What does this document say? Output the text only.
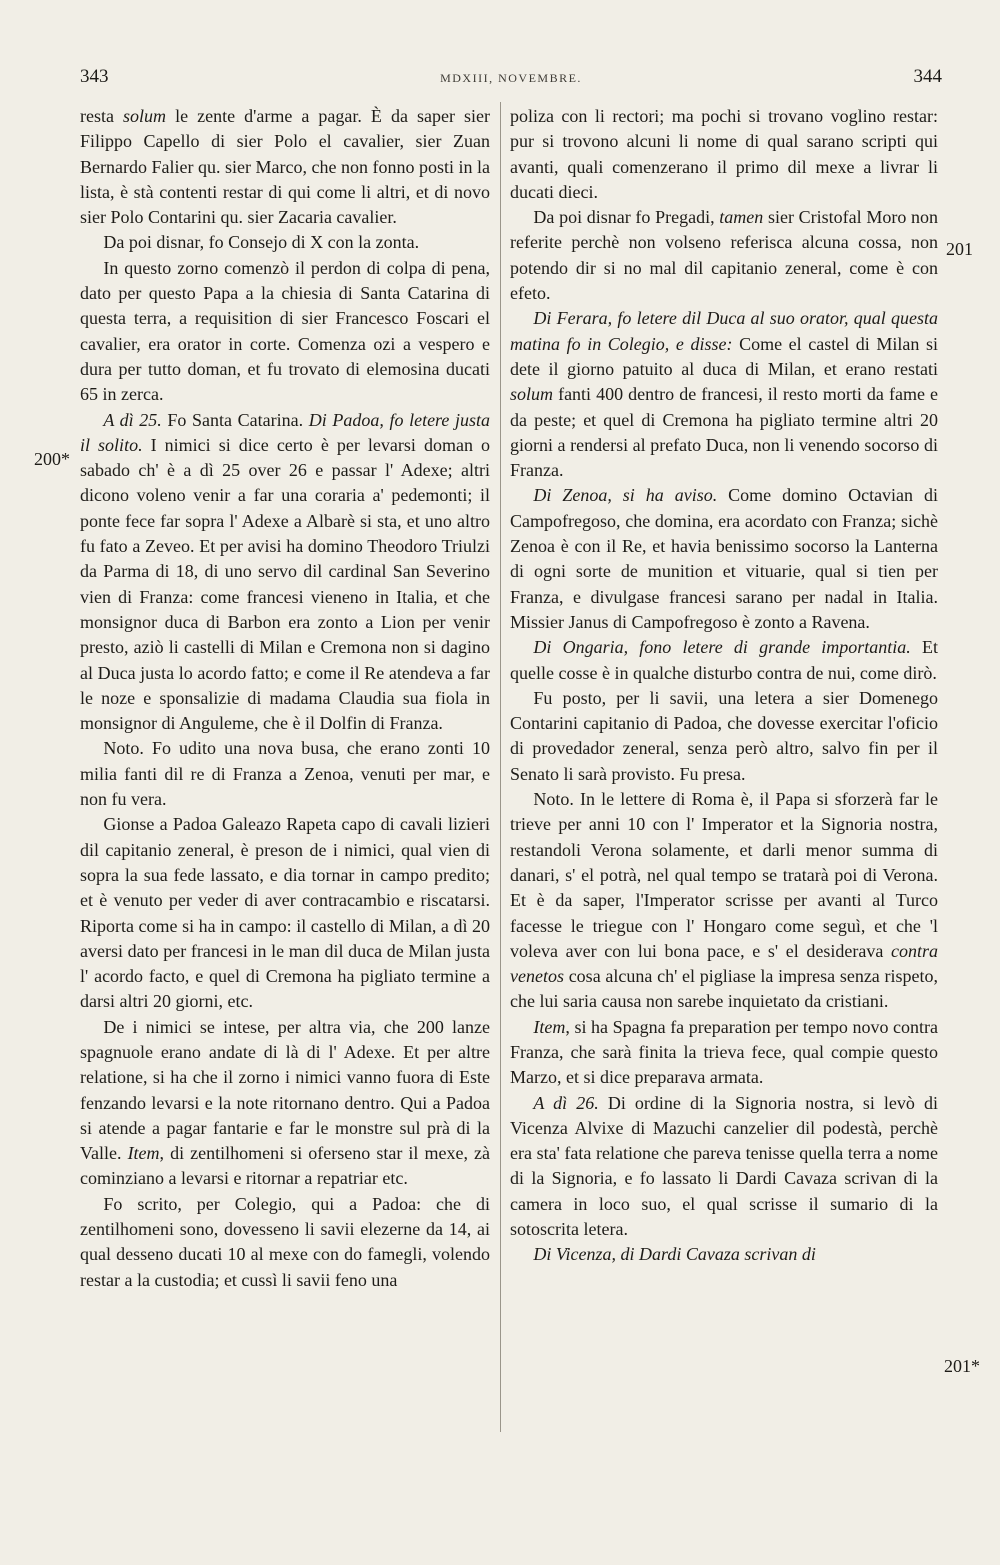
343	MDXIII, NOVEMBRE.	344
200*
201
201*

resta solum le zente d'arme a pagar. È da saper sier Filippo Capello di sier Polo el cavalier, sier Zuan Bernardo Falier qu. sier Marco, che non fonno posti in la lista, è stà contenti restar di qui come li altri, et di novo sier Polo Contarini qu. sier Zacaria cavalier.

Da poi disnar, fo Consejo di X con la zonta.

In questo zorno comenzò il perdon di colpa di pena, dato per questo Papa a la chiesia di Santa Catarina di questa terra, a requisition di sier Francesco Foscari el cavalier, era orator in corte. Comenza ozi a vespero e dura per tutto doman, et fu trovato di elemosina ducati 65 in zerca.

A dì 25. Fo Santa Catarina. Di Padoa, fo letere justa il solito. I nimici si dice certo è per levarsi doman o sabado ch' è a dì 25 over 26 e passar l' Adexe; altri dicono voleno venir a far una coraria a' pedemonti; il ponte fece far sopra l' Adexe a Albarè si sta, et uno altro fu fato a Zeveo. Et per avisi ha domino Theodoro Triulzi da Parma di 18, di uno servo dil cardinal San Severino vien di Franza: come francesi vieneno in Italia, et che monsignor duca di Barbon era zonto a Lion per venir presto, aziò li castelli di Milan e Cremona non si dagino al Duca justa lo acordo fatto; e come il Re atendeva a far le noze e sponsalizie di madama Claudia sua fiola in monsignor di Anguleme, che è il Dolfin di Franza.

Noto. Fo udito una nova busa, che erano zonti 10 milia fanti dil re di Franza a Zenoa, venuti per mar, e non fu vera.

Gionse a Padoa Galeazo Rapeta capo di cavali lizieri dil capitanio zeneral, è preson de i nimici, qual vien di sopra la sua fede lassato, e dia tornar in campo predito; et è venuto per veder di aver contracambio e riscatarsi. Riporta come si ha in campo: il castello di Milan, a dì 20 aversi dato per francesi in le man dil duca de Milan justa l' acordo facto, e quel di Cremona ha pigliato termine a darsi altri 20 giorni, etc.

De i nimici se intese, per altra via, che 200 lanze spagnuole erano andate di là di l' Adexe. Et per altre relatione, si ha che il zorno i nimici vanno fuora di Este fenzando levarsi e la note ritornano dentro. Qui a Padoa si atende a pagar fantarie e far le monstre sul prà di la Valle. Item, di zentilhomeni si oferseno star il mexe, zà cominziano a levarsi e ritornar a repatriar etc.

Fo scrito, per Colegio, qui a Padoa: che di zentilhomeni sono, dovesseno li savii elezerne da 14, ai qual desseno ducati 10 al mexe con do famegli, volendo restar a la custodia; et cussì li savii feno una

poliza con li rectori; ma pochi si trovano voglino restar: pur si trovono alcuni li nome di qual sarano scripti qui avanti, quali comenzerano il primo dil mexe a livrar li ducati dieci.

Da poi disnar fo Pregadi, tamen sier Cristofal Moro non referite perchè non volseno referisca alcuna cossa, non potendo dir si no mal dil capitanio zeneral, come è con efeto.

Di Ferara, fo letere dil Duca al suo orator, qual questa matina fo in Colegio, e disse: Come el castel di Milan si dete il giorno patuito al duca di Milan, et erano restati solum fanti 400 dentro de francesi, il resto morti da fame e da peste; et quel di Cremona ha pigliato termine altri 20 giorni a rendersi al prefato Duca, non li venendo socorso di Franza.

Di Zenoa, si ha aviso. Come domino Octavian di Campofregoso, che domina, era acordato con Franza; sichè Zenoa è con il Re, et havia benissimo socorso la Lanterna di ogni sorte de munition et vituarie, qual si tien per Franza, e divulgase francesi sarano per nadal in Italia. Missier Janus di Campofregoso è zonto a Ravena.

Di Ongaria, fono letere di grande importantia. Et quelle cosse è in qualche disturbo contra de nui, come dirò.

Fu posto, per li savii, una letera a sier Domenego Contarini capitanio di Padoa, che dovesse exercitar l'oficio di provedador zeneral, senza però altro, salvo fin per il Senato li sarà provisto. Fu presa.

Noto. In le lettere di Roma è, il Papa si sforzerà far le trieve per anni 10 con l' Imperator et la Signoria nostra, restandoli Verona solamente, et darli menor summa di danari, s' el potrà, nel qual tempo se tratarà poi di Verona. Et è da saper, l'Imperator scrisse per avanti al Turco facesse le triegue con l' Hongaro come seguì, et che 'l voleva aver con lui bona pace, e s' el desiderava contra venetos cosa alcuna ch' el pigliase la impresa senza rispeto, che lui saria causa non sarebe inquietato da cristiani.

Item, si ha Spagna fa preparation per tempo novo contra Franza, che sarà finita la trieva fece, qual compie questo Marzo, et si dice preparava armata.

A dì 26. Di ordine di la Signoria nostra, si levò di Vicenza Alvixe di Mazuchi canzelier dil podestà, perchè era sta' fata relatione che pareva tenisse quella terra a nome di la Signoria, e fo lassato li Dardi Cavaza scrivan di la camera in loco suo, el qual scrisse il sumario di la sotoscrita letera.

Di Vicenza, di Dardi Cavaza scrivan di
